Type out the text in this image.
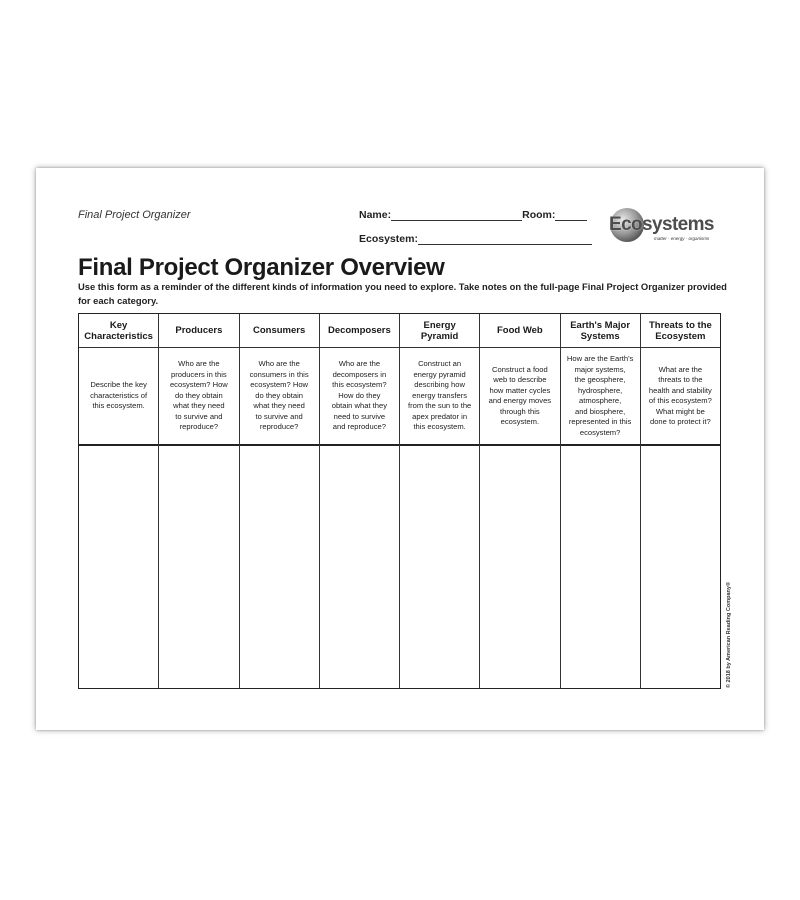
Final Project Organizer	Name:	Room:
Ecosystem:
Ecosystems
matter · energy · organisms
Final Project Organizer Overview
Use this form as a reminder of the different kinds of information you need to explore. Take notes on the full-page Final Project Organizer provided for each category.
Key
Characteristics
Describe the key
characteristics of
this ecosystem.
Producers
Who are the
producers in this
ecosystem? How
do they obtain
what they need
to survive and
reproduce?
Consumers
Who are the
consumers in this
ecosystem? How
do they obtain
what they need
to survive and
reproduce?
Decomposers
Who are the
decomposers in
this ecosystem?
How do they
obtain what they
need to survive
and reproduce?
Energy
Pyramid
Construct an
energy pyramid
describing how
energy transfers
from the sun to the
apex predator in
this ecosystem.
Food Web
Construct a food
web to describe
how matter cycles
and energy moves
through this
ecosystem.
Earth's Major
Systems
How are the Earth's
major systems,
the geosphere,
hydrosphere,
atmosphere,
and biosphere,
represented in this
ecosystem?
Threats to the
Ecosystem
What are the
threats to the
health and stability
of this ecosystem?
What might be
done to protect it?
© 2018 by American Reading Company®
